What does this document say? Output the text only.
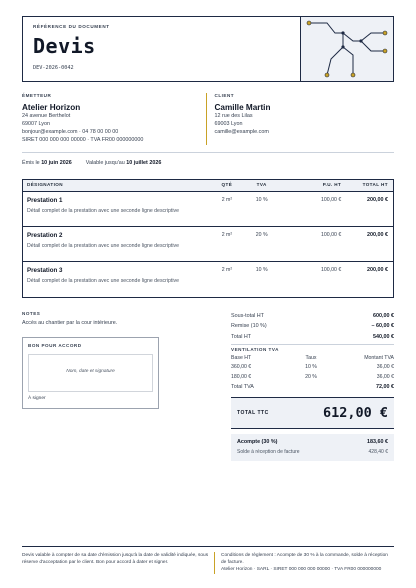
RÉFÉRENCE DU DOCUMENT
Devis
DEV-2026-0042
ÉMETTEUR
Atelier Horizon
24 avenue Berthelot
69007 Lyon
bonjour@example.com · 04 78 00 00 00
SIRET 000 000 000 00000 · TVA FR00 000000000
CLIENT
Camille Martin
12 rue des Lilas
69003 Lyon
camille@example.com
Émis le 10 juin 2026	Valable jusqu'au 10 juillet 2026
DÉSIGNATION	QTÉ	TVA	P.U. HT	TOTAL HT
Prestation 1
Détail complet de la prestation avec une seconde ligne descriptive
2 m²	10 %	100,00 €	200,00 €
Prestation 2
Détail complet de la prestation avec une seconde ligne descriptive
2 m²	20 %	100,00 €	200,00 €
Prestation 3
Détail complet de la prestation avec une seconde ligne descriptive
2 m²	10 %	100,00 €	200,00 €
NOTES
Accès au chantier par la cour intérieure.
BON POUR ACCORD
Nom, date et signature
À signer
Sous-total HT	600,00 €
Remise (10 %)	– 60,00 €
Total HT	540,00 €
VENTILATION TVA
Base HT	Taux	Montant TVA
360,00 €	10 %	36,00 €
180,00 €	20 %	36,00 €
Total TVA	72,00 €
TOTAL TTC	612,00 €
Acompte (30 %)	183,60 €
Solde à réception de facture	428,40 €
Devis valable à compter de sa date d'émission jusqu'à la date de validité indiquée, sous réserve d'acceptation par le client. Bon pour accord à dater et signer.
Conditions de règlement : Acompte de 30 % à la commande, solde à réception de facture.
Atelier Horizon · SARL · SIRET 000 000 000 00000 · TVA FR00 000000000
